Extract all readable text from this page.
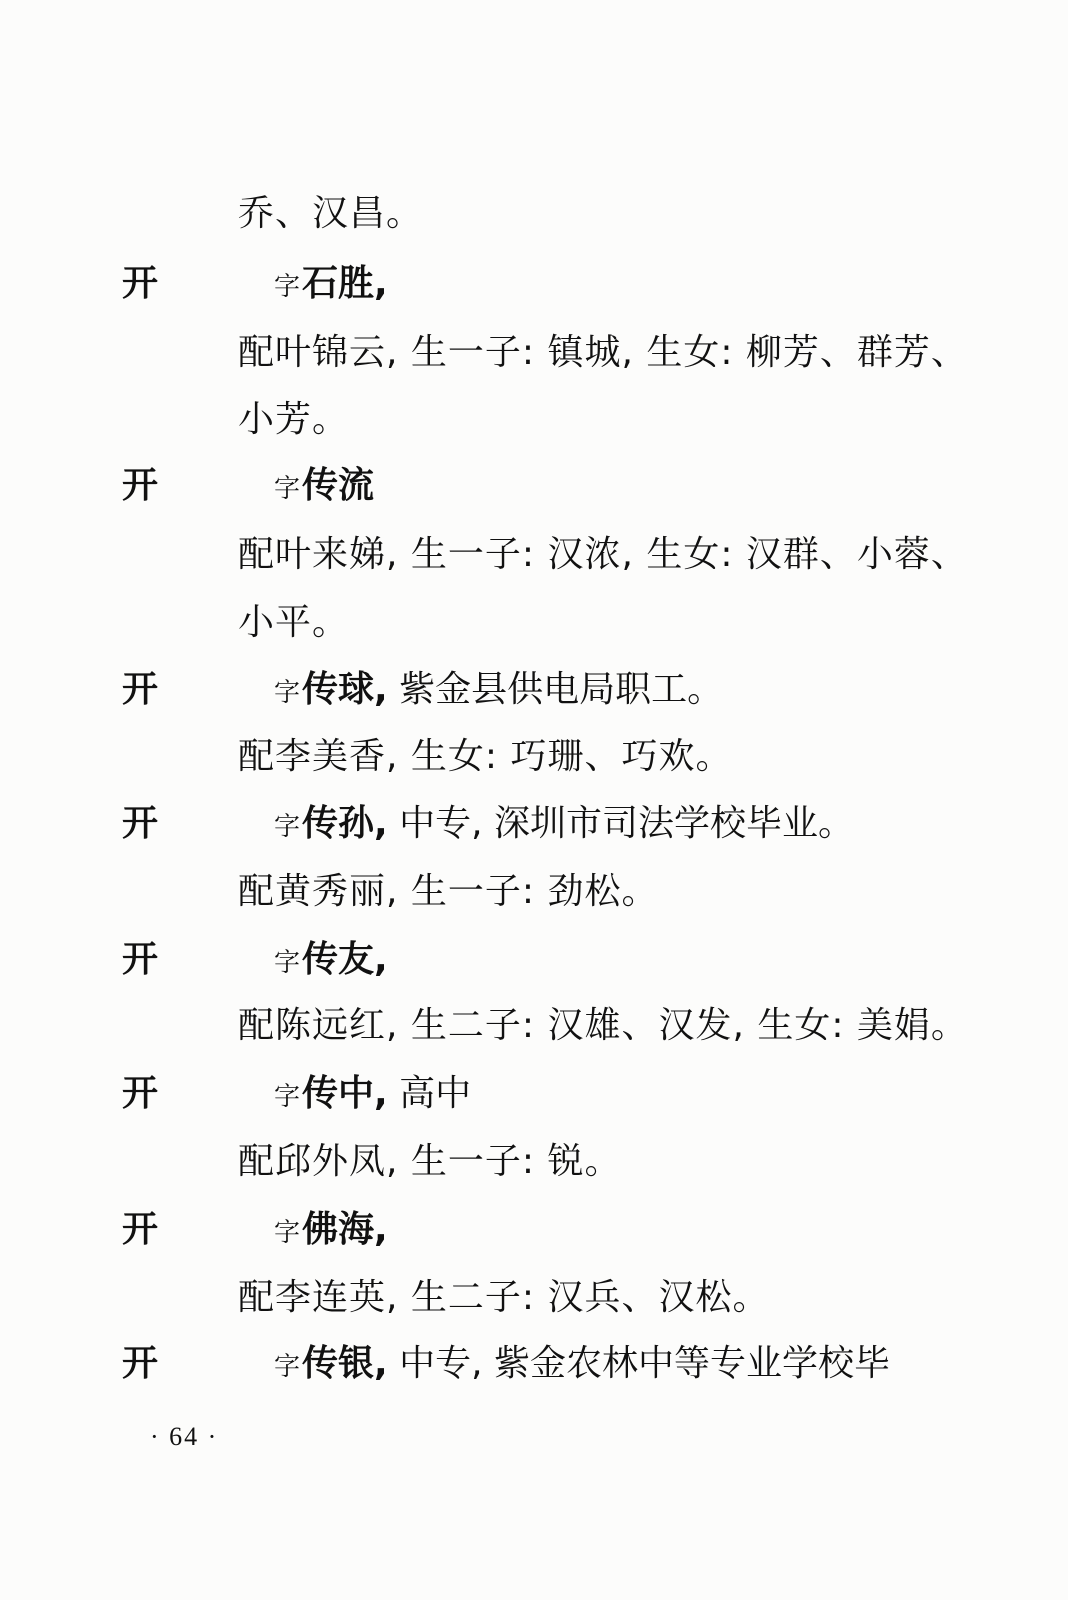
乔、汉昌。
开	字石胜,
配叶锦云, 生一子: 镇城, 生女: 柳芳、群芳、
小芳。
开	字传流
配叶来娣, 生一子: 汉浓, 生女: 汉群、小蓉、
小平。
开	字传球, 紫金县供电局职工。
配李美香, 生女: 巧珊、巧欢。
开	字传孙, 中专, 深圳市司法学校毕业。
配黄秀丽, 生一子: 劲松。
开	字传友,
配陈远红, 生二子: 汉雄、汉发, 生女: 美娟。
开	字传中, 高中
配邱外凤, 生一子: 锐。
开	字佛海,
配李连英, 生二子: 汉兵、汉松。
开	字传银, 中专, 紫金农林中等专业学校毕
· 64 ·
